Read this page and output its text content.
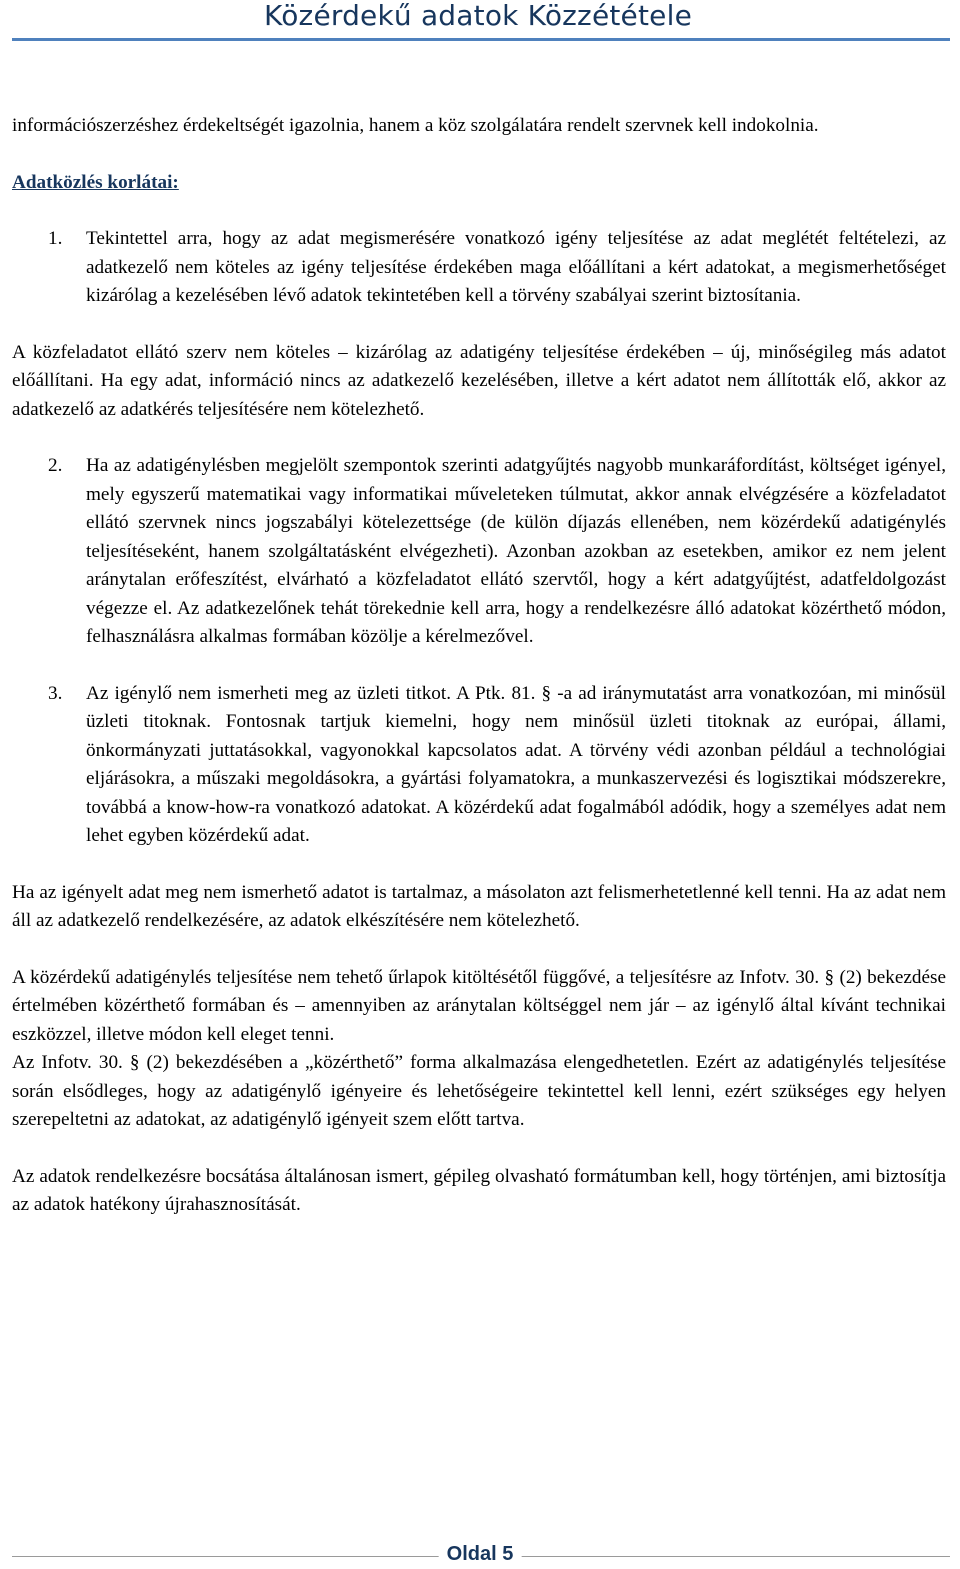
Közérdekű adatok Közzététele

információszerzéshez érdekeltségét igazolnia, hanem a köz szolgálatára rendelt szervnek kell indokolnia.

Adatközlés korlátai:

1.	Tekintettel arra, hogy az adat megismerésére vonatkozó igény teljesítése az adat meglétét feltételezi, az adatkezelő nem köteles az igény teljesítése érdekében maga előállítani a kért adatokat, a megismerhetőséget kizárólag a kezelésében lévő adatok tekintetében kell a törvény szabályai szerint biztosítania.

A közfeladatot ellátó szerv nem köteles – kizárólag az adatigény teljesítése érdekében – új, minőségileg más adatot előállítani. Ha egy adat, információ nincs az adatkezelő kezelésében, illetve a kért adatot nem állították elő, akkor az adatkezelő az adatkérés teljesítésére nem kötelezhető.

2.	Ha az adatigénylésben megjelölt szempontok szerinti adatgyűjtés nagyobb munkaráfordítást, költséget igényel, mely egyszerű matematikai vagy informatikai műveleteken túlmutat, akkor annak elvégzésére a közfeladatot ellátó szervnek nincs jogszabályi kötelezettsége (de külön díjazás ellenében, nem közérdekű adatigénylés teljesítéseként, hanem szolgáltatásként elvégezheti). Azonban azokban az esetekben, amikor ez nem jelent aránytalan erőfeszítést, elvárható a közfeladatot ellátó szervtől, hogy a kért adatgyűjtést, adatfeldolgozást végezze el. Az adatkezelőnek tehát törekednie kell arra, hogy a rendelkezésre álló adatokat közérthető módon, felhasználásra alkalmas formában közölje a kérelmezővel.

3.	Az igénylő nem ismerheti meg az üzleti titkot. A Ptk. 81. § -a ad iránymutatást arra vonatkozóan, mi minősül üzleti titoknak. Fontosnak tartjuk kiemelni, hogy nem minősül üzleti titoknak az európai, állami, önkormányzati juttatásokkal, vagyonokkal kapcsolatos adat. A törvény védi azonban például a technológiai eljárásokra, a műszaki megoldásokra, a gyártási folyamatokra, a munkaszervezési és logisztikai módszerekre, továbbá a know-how-ra vonatkozó adatokat. A közérdekű adat fogalmából adódik, hogy a személyes adat nem lehet egyben közérdekű adat.

Ha az igényelt adat meg nem ismerhető adatot is tartalmaz, a másolaton azt felismerhetetlenné kell tenni. Ha az adat nem áll az adatkezelő rendelkezésére, az adatok elkészítésére nem kötelezhető.

A közérdekű adatigénylés teljesítése nem tehető űrlapok kitöltésétől függővé, a teljesítésre az Infotv. 30. § (2) bekezdése értelmében közérthető formában és – amennyiben az aránytalan költséggel nem jár – az igénylő által kívánt technikai eszközzel, illetve módon kell eleget tenni.

Az Infotv. 30. § (2) bekezdésében a „közérthető” forma alkalmazása elengedhetetlen. Ezért az adatigénylés teljesítése során elsődleges, hogy az adatigénylő igényeire és lehetőségeire tekintettel kell lenni, ezért szükséges egy helyen szerepeltetni az adatokat, az adatigénylő igényeit szem előtt tartva.

Az adatok rendelkezésre bocsátása általánosan ismert, gépileg olvasható formátumban kell, hogy történjen, ami biztosítja az adatok hatékony újrahasznosítását.

Oldal 5
